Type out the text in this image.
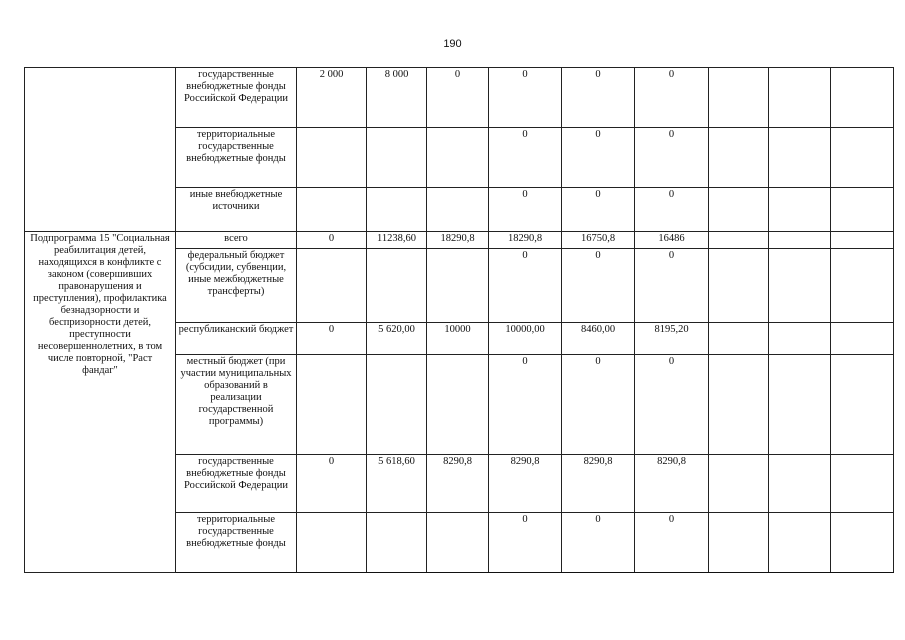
190
	государственные внебюджетные фонды Российской Федерации	2 000	8 000	0	0	0	0			
	территориальные государственные внебюджетные фонды				0	0	0			
	иные внебюджетные источники				0	0	0			
Подпрограмма 15 "Социальная реабилитация детей, находящихся в конфликте с законом (совершивших правонарушения и преступления), профилактика безнадзорности и беспризорности детей, преступности несовершеннолетних, в том числе повторной, "Раст фандаг"	всего	0	11238,60	18290,8	18290,8	16750,8	16486			
	федеральный бюджет (субсидии, субвенции, иные межбюджетные трансферты)				0	0	0			
	республиканский бюджет	0	5 620,00	10000	10000,00	8460,00	8195,20			
	местный бюджет (при участии муниципальных образований в реализации государственной программы)				0	0	0			
	государственные внебюджетные фонды Российской Федерации	0	5 618,60	8290,8	8290,8	8290,8	8290,8			
	территориальные государственные внебюджетные фонды				0	0	0			
